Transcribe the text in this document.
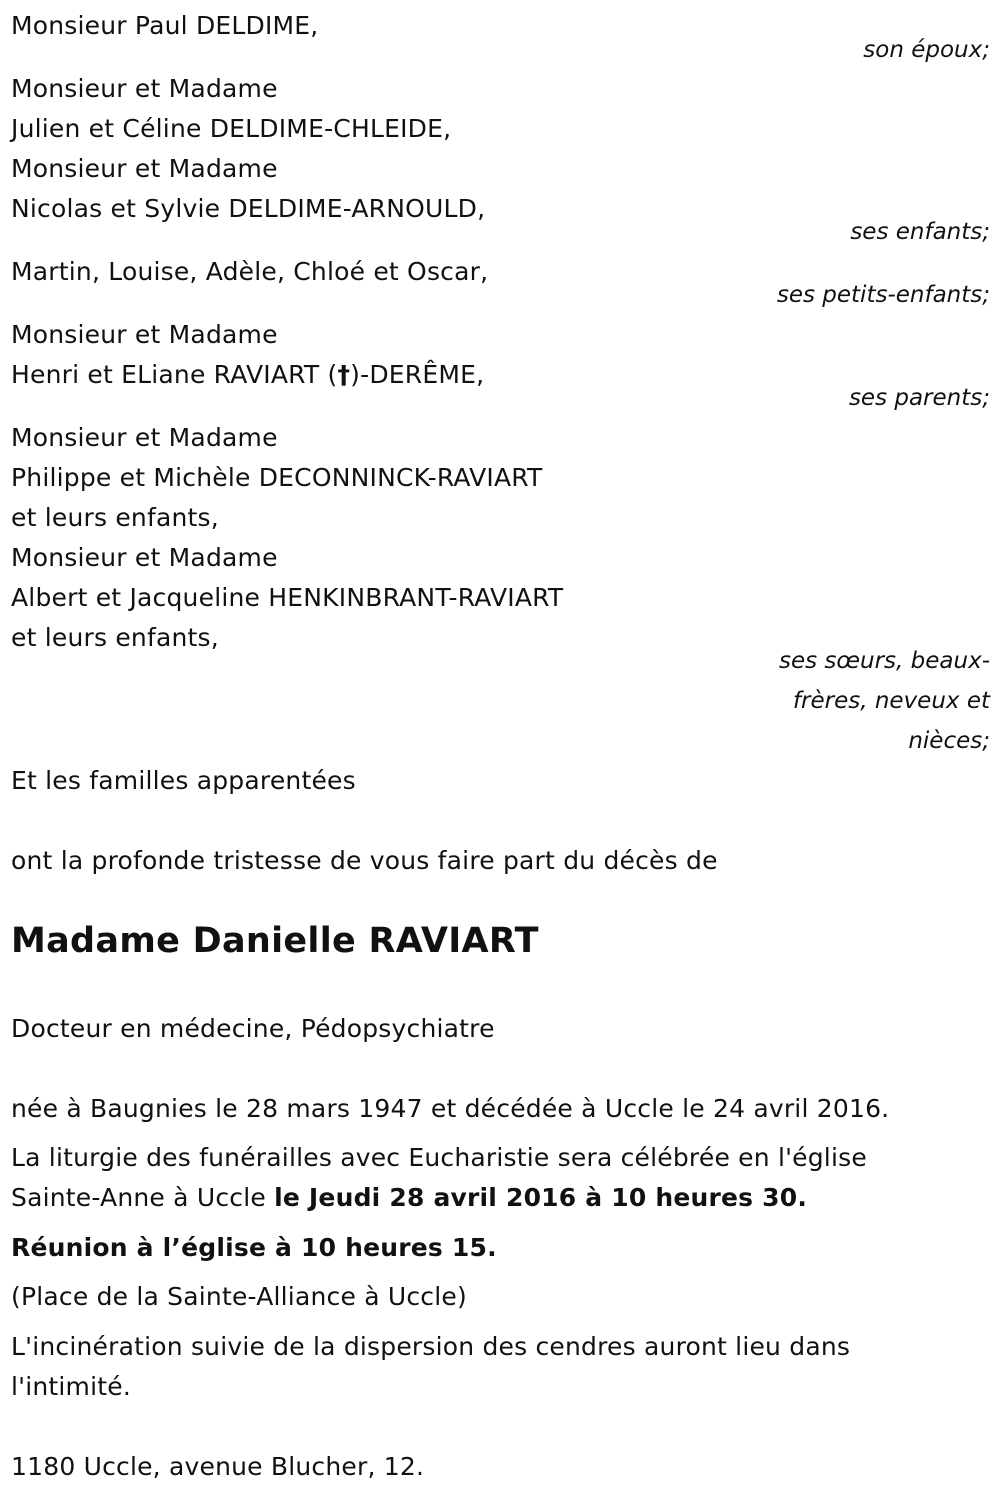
Monsieur Paul DELDIME,
son époux;
Monsieur et Madame
Julien et Céline DELDIME-CHLEIDE,
Monsieur et Madame
Nicolas et Sylvie DELDIME-ARNOULD,
ses enfants;
Martin, Louise, Adèle, Chloé et Oscar,
ses petits-enfants;
Monsieur et Madame
Henri et ELiane RAVIART (†)-DERÊME,
ses parents;
Monsieur et Madame
Philippe et Michèle DECONNINCK-RAVIART
et leurs enfants,
Monsieur et Madame
Albert et Jacqueline HENKINBRANT-RAVIART
et leurs enfants,
ses sœurs, beaux-
frères, neveux et
nièces;
Et les familles apparentées
ont la profonde tristesse de vous faire part du décès de
Madame Danielle RAVIART
Docteur en médecine, Pédopsychiatre
née à Baugnies le 28 mars 1947 et décédée à Uccle le 24 avril 2016.
La liturgie des funérailles avec Eucharistie sera célébrée en l'église
Sainte-Anne à Uccle le Jeudi 28 avril 2016 à 10 heures 30.
Réunion à l’église à 10 heures 15.
(Place de la Sainte-Alliance à Uccle)
L'incinération suivie de la dispersion des cendres auront lieu dans
l'intimité.
1180 Uccle, avenue Blucher, 12.
